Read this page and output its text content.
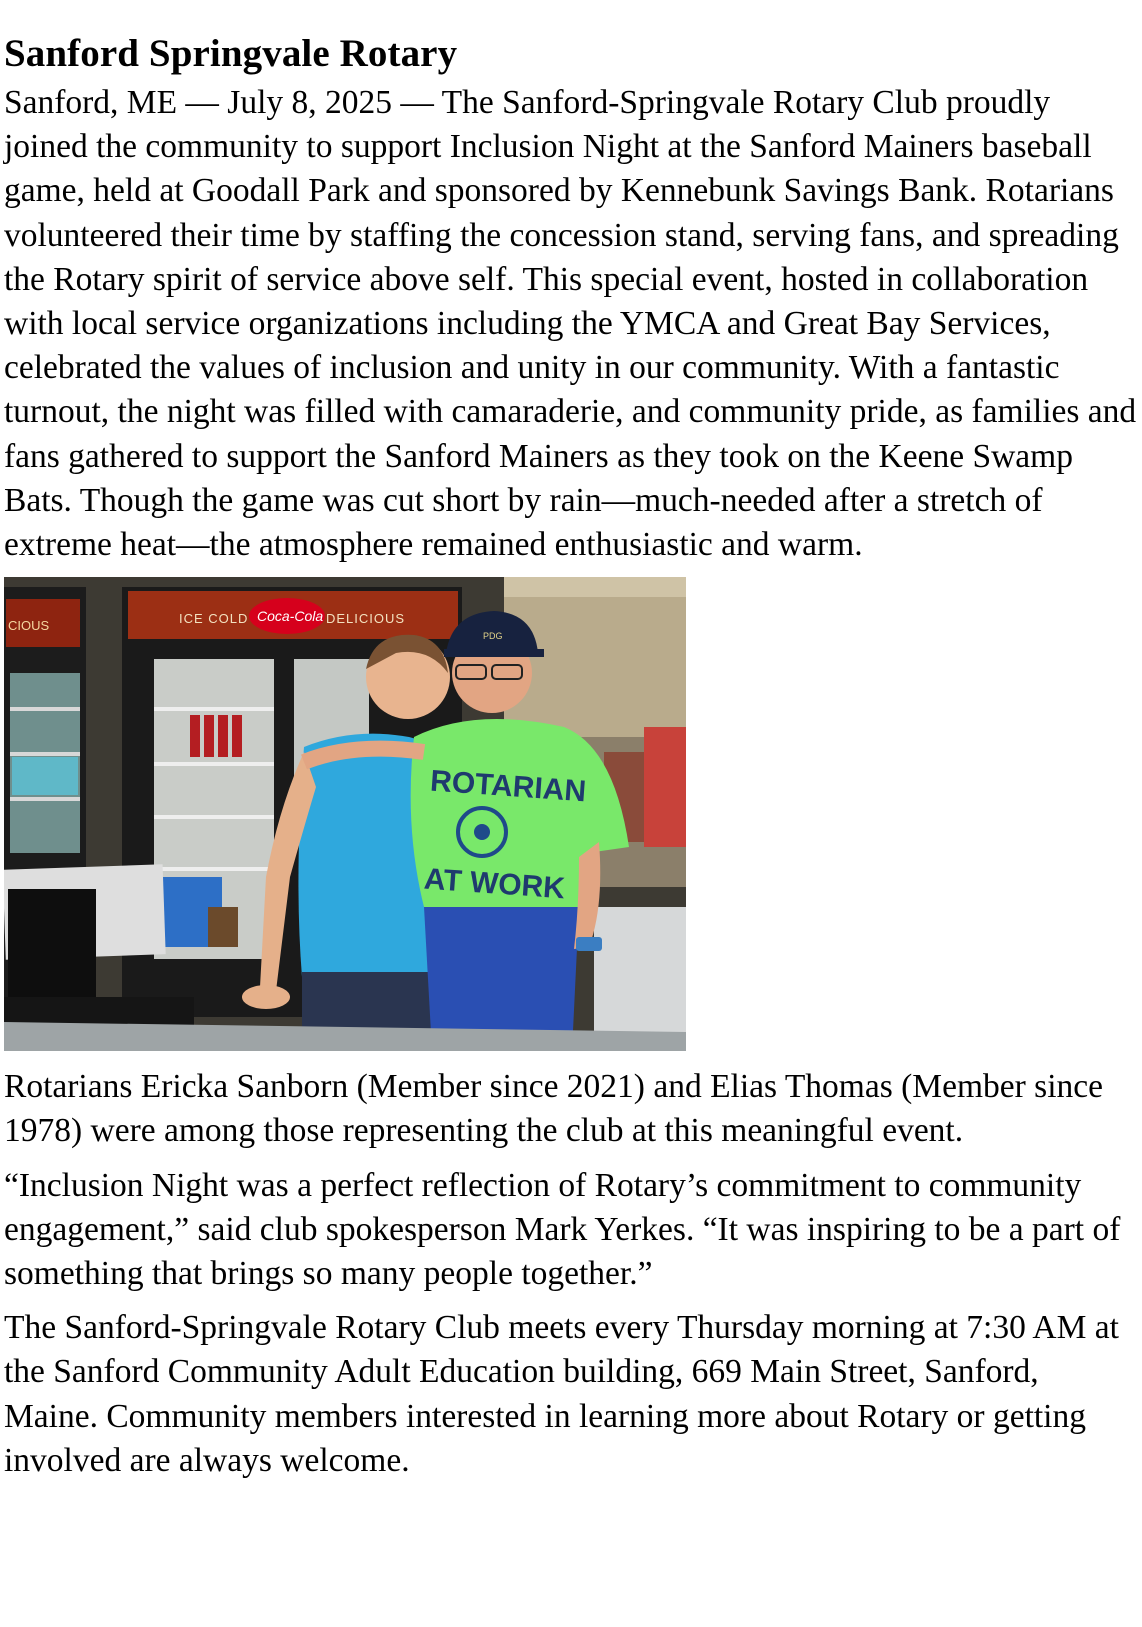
Sanford Springvale Rotary

Sanford, ME — July 8, 2025 — The Sanford-Springvale Rotary Club proudly joined the community to support Inclusion Night at the Sanford Mainers baseball game, held at Goodall Park and sponsored by Kennebunk Savings Bank. Rotarians volunteered their time by staffing the concession stand, serving fans, and spreading the Rotary spirit of service above self. This special event, hosted in collaboration with local service organizations including the YMCA and Great Bay Services, celebrated the values of inclusion and unity in our community. With a fantastic turnout, the night was filled with camaraderie, and community pride, as families and fans gathered to support the Sanford Mainers as they took on the Keene Swamp Bats. Though the game was cut short by rain—much-needed after a stretch of extreme heat—the atmosphere remained enthusiastic and warm.

CIOUS	ICE COLD Coca-Cola DELICIOUS
PDG
ROTARIAN
AT WORK

Rotarians Ericka Sanborn (Member since 2021) and Elias Thomas (Member since 1978) were among those representing the club at this meaningful event.

“Inclusion Night was a perfect reflection of Rotary’s commitment to community engagement,” said club spokesperson Mark Yerkes. “It was inspiring to be a part of something that brings so many people together.”

The Sanford-Springvale Rotary Club meets every Thursday morning at 7:30 AM at the Sanford Community Adult Education building, 669 Main Street, Sanford, Maine. Community members interested in learning more about Rotary or getting involved are always welcome.
